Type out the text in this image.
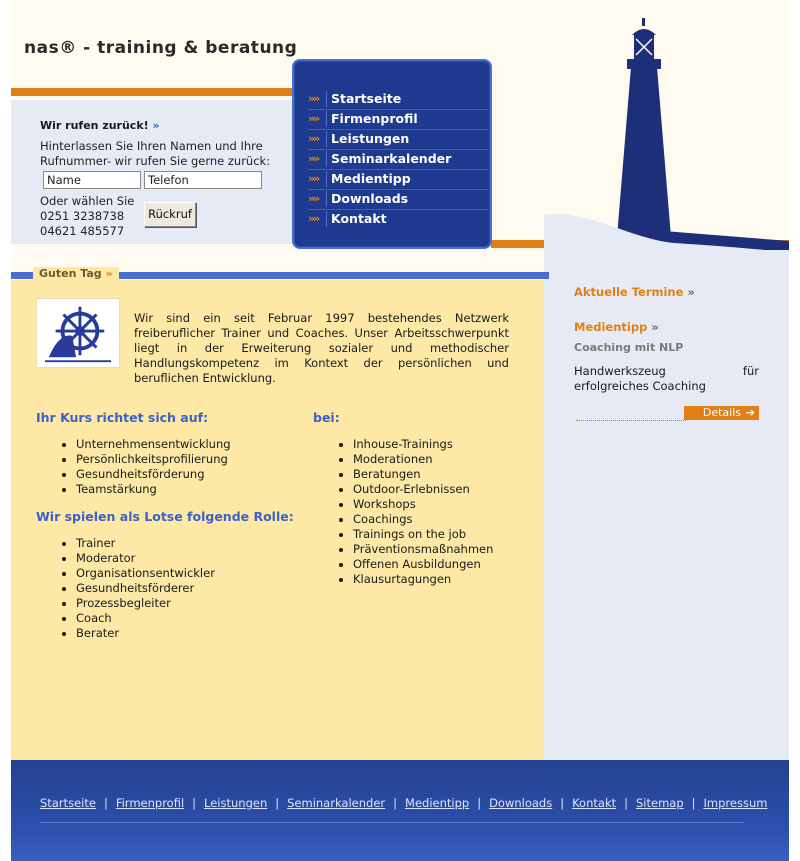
nas® - training & beratung
Wir rufen zurück! »
Hinterlassen Sie Ihren Namen und Ihre Rufnummer- wir rufen Sie gerne zurück:
Name
Telefon
Oder wählen Sie
0251 3238738
04621 485577
Rückruf
»» Startseite
»» Firmenprofil
»» Leistungen
»» Seminarkalender
»» Medientipp
»» Downloads
»» Kontakt
Guten Tag »
Wir sind ein seit Februar 1997 bestehendes Netzwerk freiberuflicher Trainer und Coaches. Unser Arbeitsschwerpunkt liegt in der Erweiterung sozialer und methodischer Handlungskompetenz im Kontext der persönlichen und beruflichen Entwicklung.
Ihr Kurs richtet sich auf:
• Unternehmensentwicklung
• Persönlichkeitsprofilierung
• Gesundheitsförderung
• Teamstärkung
Wir spielen als Lotse folgende Rolle:
• Trainer
• Moderator
• Organisationsentwickler
• Gesundheitsförderer
• Prozessbegleiter
• Coach
• Berater
bei:
• Inhouse-Trainings
• Moderationen
• Beratungen
• Outdoor-Erlebnissen
• Workshops
• Coachings
• Trainings on the job
• Präventionsmaßnahmen
• Offenen Ausbildungen
• Klausurtagungen
Aktuelle Termine »
Medientipp »
Coaching mit NLP
Handwerkszeug für erfolgreiches Coaching
Details ➔
Startseite | Firmenprofil | Leistungen | Seminarkalender | Medientipp | Downloads | Kontakt | Sitemap | Impressum
